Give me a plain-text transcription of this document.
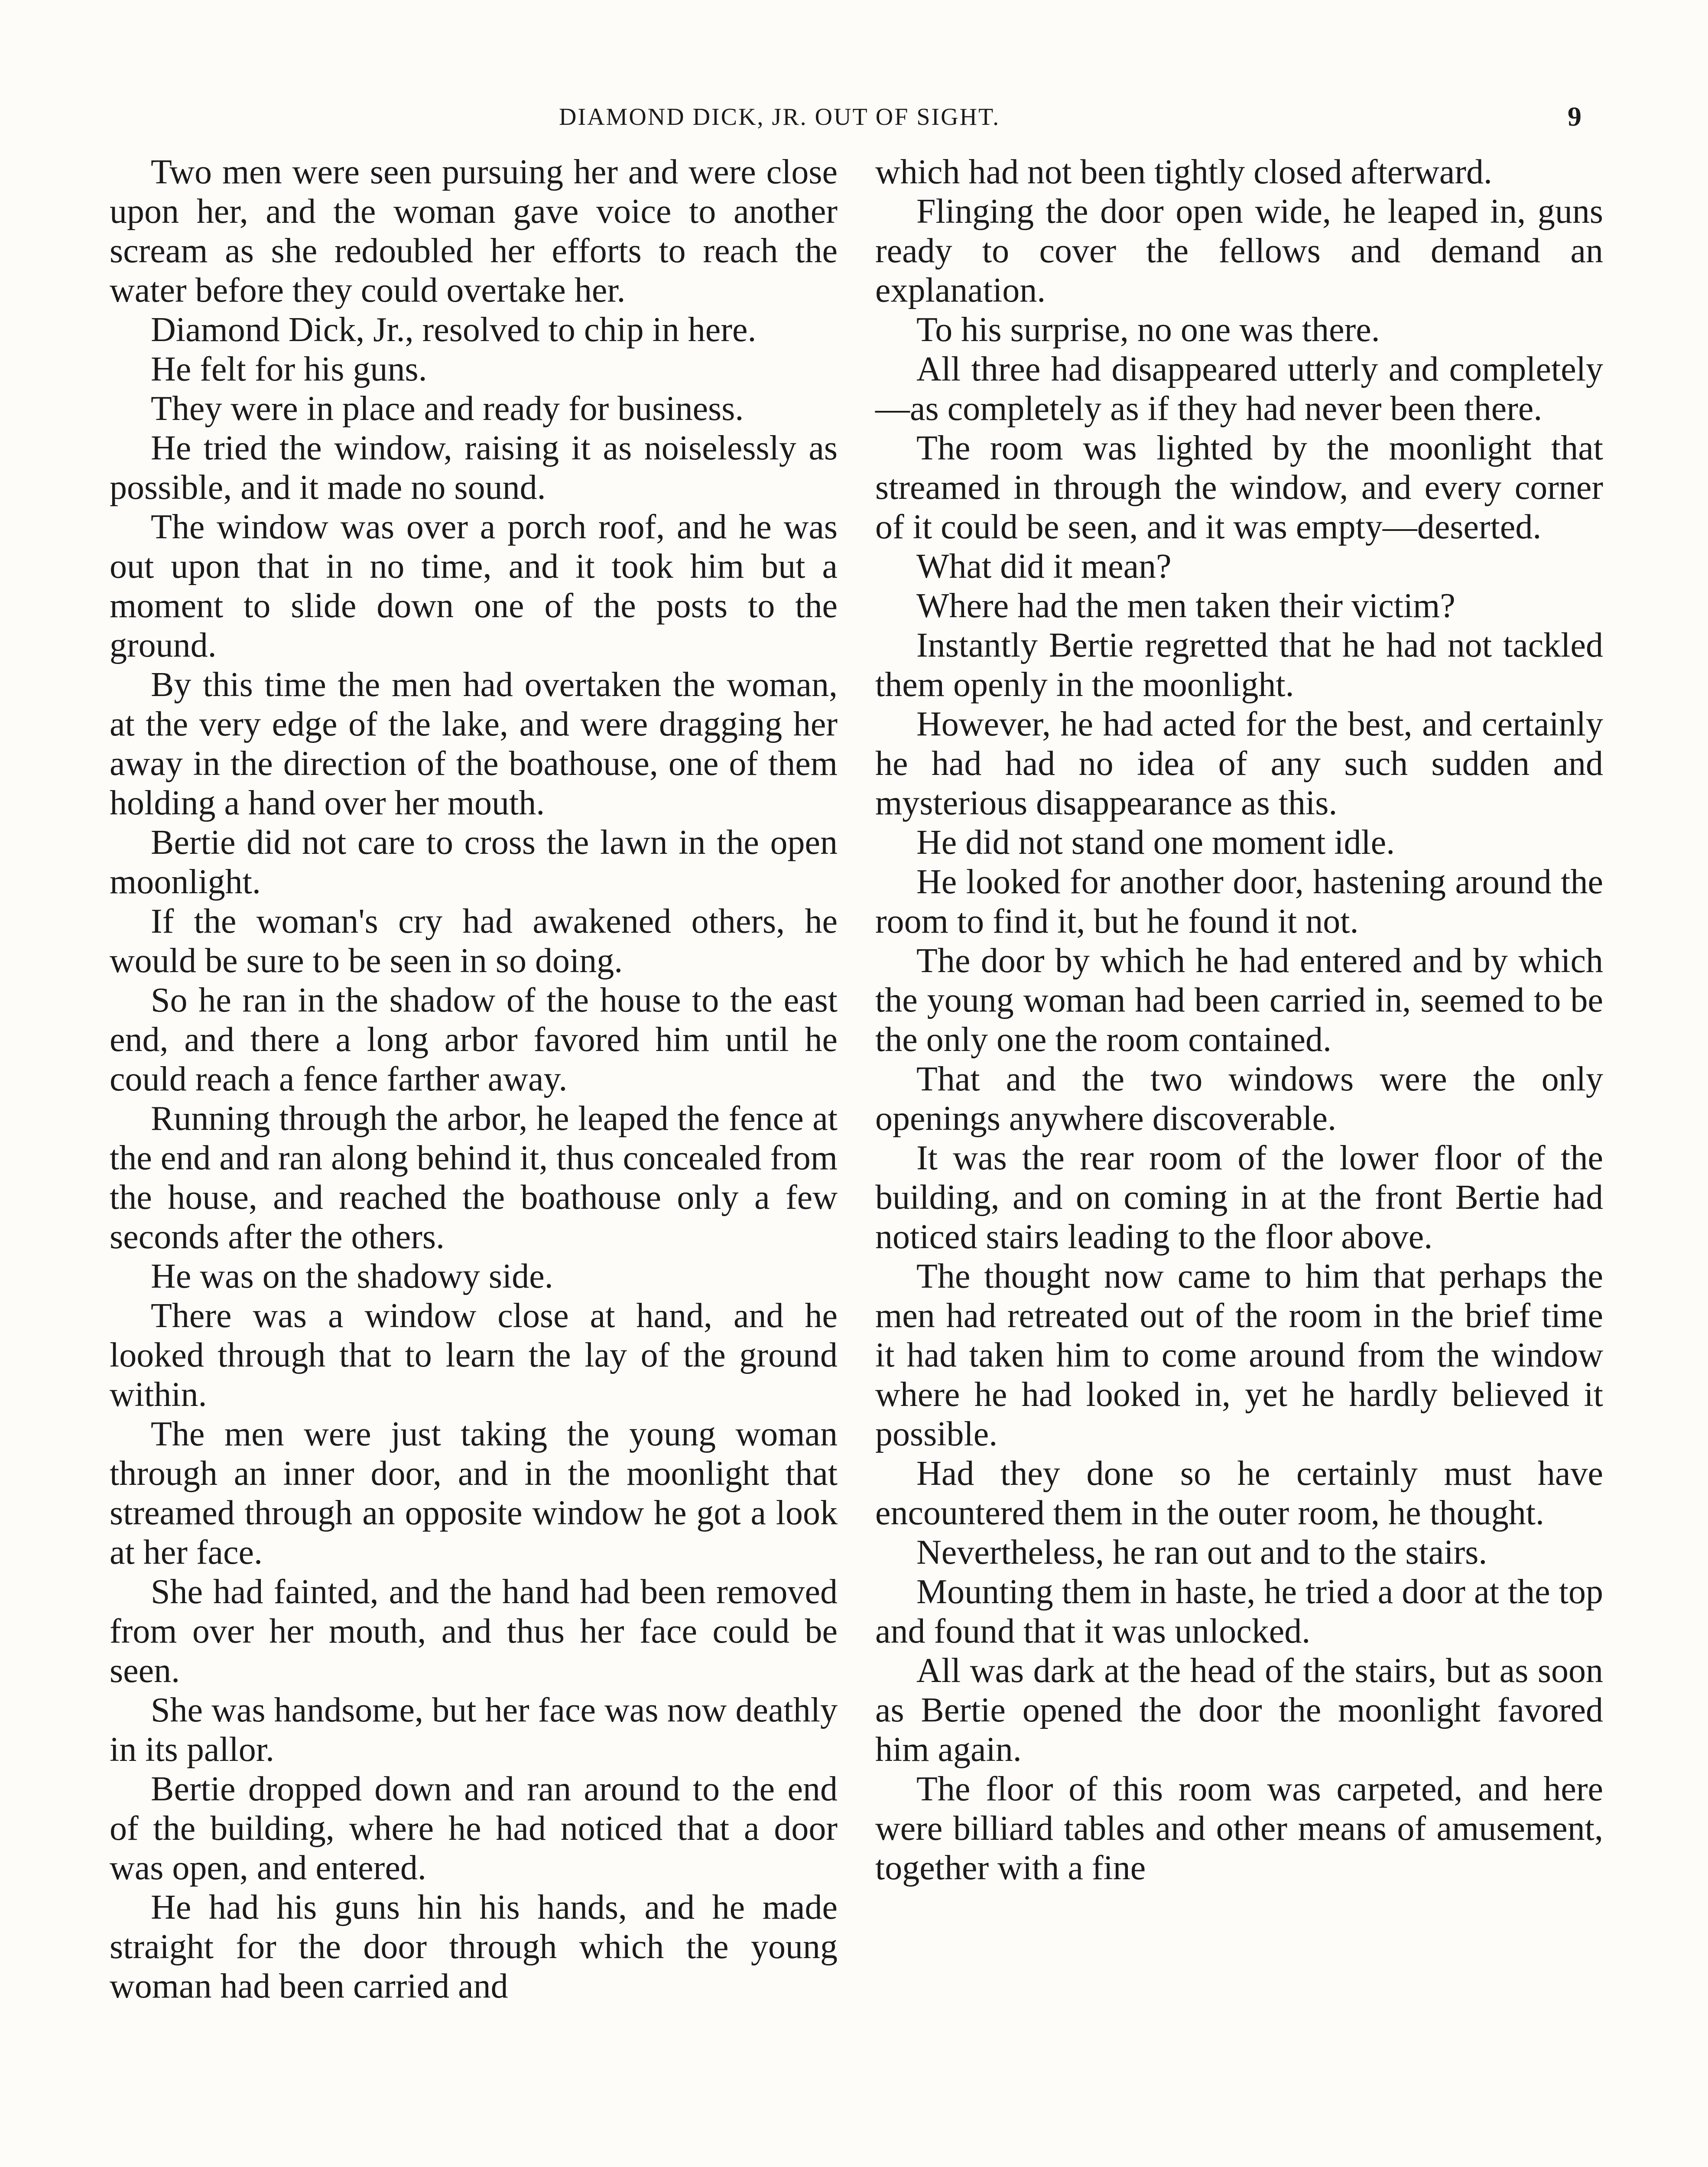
DIAMOND DICK, JR. OUT OF SIGHT.	9

Two men were seen pursuing her and were close upon her, and the woman gave voice to another scream as she redoubled her efforts to reach the water before they could overtake her.

Diamond Dick, Jr., resolved to chip in here.

He felt for his guns.

They were in place and ready for business.

He tried the window, raising it as noiselessly as possible, and it made no sound.

The window was over a porch roof, and he was out upon that in no time, and it took him but a moment to slide down one of the posts to the ground.

By this time the men had overtaken the woman, at the very edge of the lake, and were dragging her away in the direction of the boathouse, one of them holding a hand over her mouth.

Bertie did not care to cross the lawn in the open moonlight.

If the woman's cry had awakened others, he would be sure to be seen in so doing.

So he ran in the shadow of the house to the east end, and there a long arbor favored him until he could reach a fence farther away.

Running through the arbor, he leaped the fence at the end and ran along behind it, thus concealed from the house, and reached the boathouse only a few seconds after the others.

He was on the shadowy side.

There was a window close at hand, and he looked through that to learn the lay of the ground within.

The men were just taking the young woman through an inner door, and in the moonlight that streamed through an opposite window he got a look at her face.

She had fainted, and the hand had been removed from over her mouth, and thus her face could be seen.

She was handsome, but her face was now deathly in its pallor.

Bertie dropped down and ran around to the end of the building, where he had noticed that a door was open, and entered.

He had his guns hin his hands, and he made straight for the door through which the young woman had been carried and

which had not been tightly closed afterward.

Flinging the door open wide, he leaped in, guns ready to cover the fellows and demand an explanation.

To his surprise, no one was there.

All three had disappeared utterly and completely—as completely as if they had never been there.

The room was lighted by the moonlight that streamed in through the window, and every corner of it could be seen, and it was empty—deserted.

What did it mean?

Where had the men taken their victim?

Instantly Bertie regretted that he had not tackled them openly in the moonlight.

However, he had acted for the best, and certainly he had had no idea of any such sudden and mysterious disappearance as this.

He did not stand one moment idle.

He looked for another door, hastening around the room to find it, but he found it not.

The door by which he had entered and by which the young woman had been carried in, seemed to be the only one the room contained.

That and the two windows were the only openings anywhere discoverable.

It was the rear room of the lower floor of the building, and on coming in at the front Bertie had noticed stairs leading to the floor above.

The thought now came to him that perhaps the men had retreated out of the room in the brief time it had taken him to come around from the window where he had looked in, yet he hardly believed it possible.

Had they done so he certainly must have encountered them in the outer room, he thought.

Nevertheless, he ran out and to the stairs.

Mounting them in haste, he tried a door at the top and found that it was unlocked.

All was dark at the head of the stairs, but as soon as Bertie opened the door the moonlight favored him again.

The floor of this room was carpeted, and here were billiard tables and other means of amusement, together with a fine
